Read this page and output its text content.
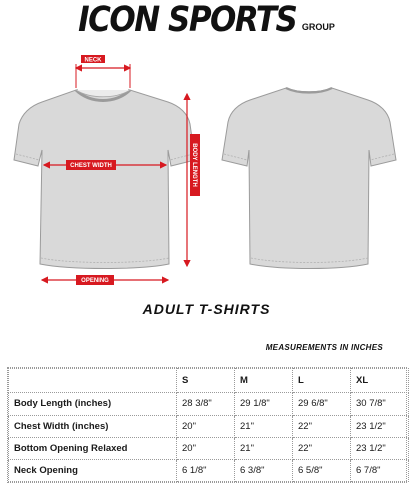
ICON SPORTS GROUP
NECK
CHEST WIDTH	BODY LENGTH
OPENING
ADULT T-SHIRTS
MEASUREMENTS IN INCHES
	S	M	L	XL
Body Length (inches)	28 3/8"	29 1/8"	29 6/8"	30 7/8"
Chest Width (inches)	20"	21"	22"	23 1/2"
Bottom Opening Relaxed	20"	21"	22"	23 1/2"
Neck Opening	6 1/8"	6 3/8"	6 5/8"	6 7/8"
